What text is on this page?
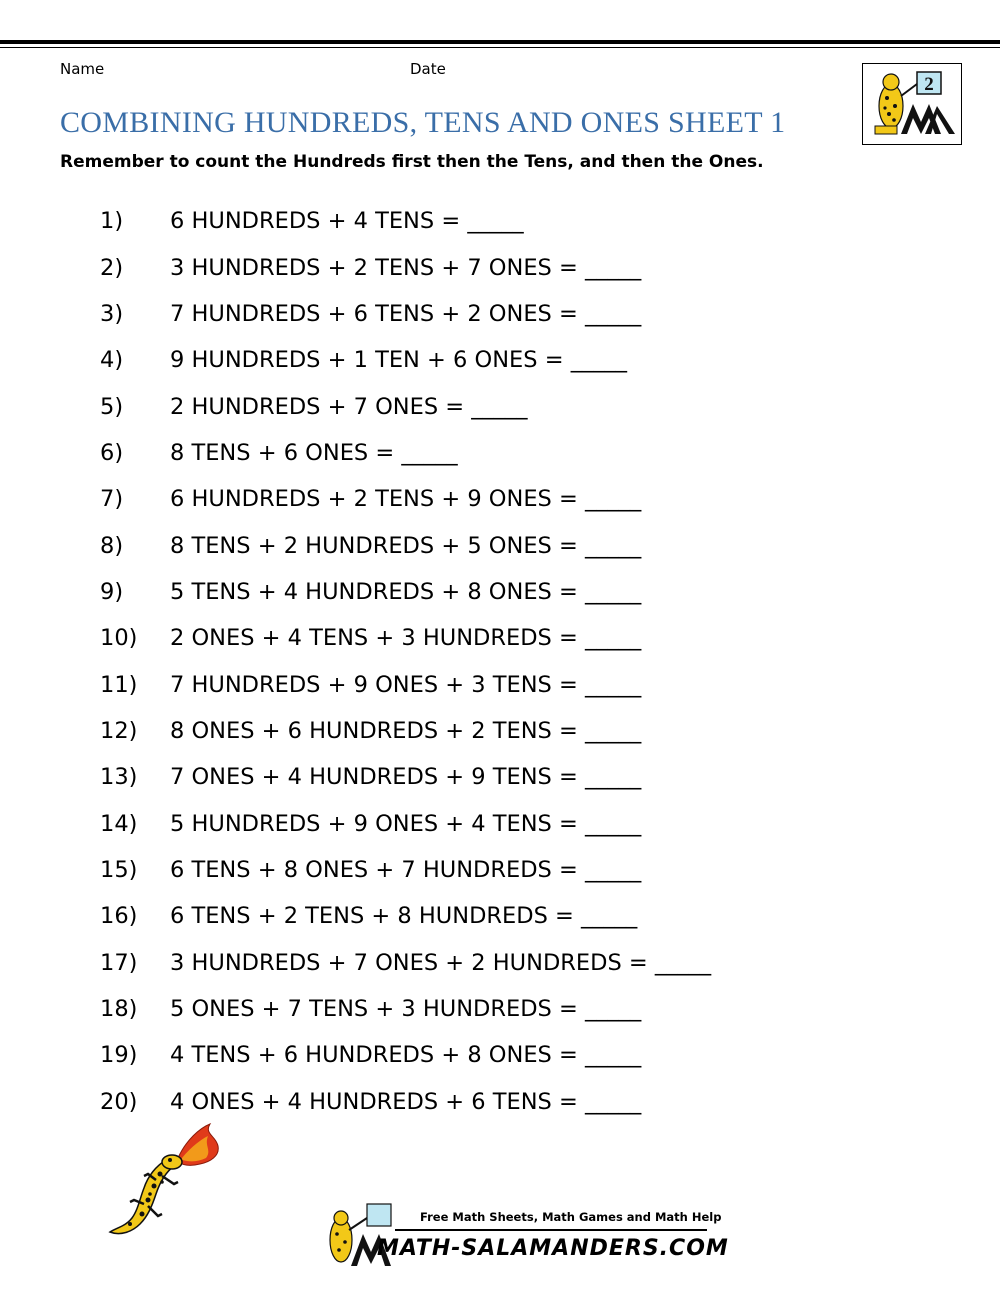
Name	Date
2
COMBINING HUNDREDS, TENS AND ONES SHEET 1
Remember to count the Hundreds first then the Tens, and then the Ones.
1)	6 HUNDREDS + 4 TENS = _____
2)	3 HUNDREDS + 2 TENS + 7 ONES = _____
3)	7 HUNDREDS + 6 TENS + 2 ONES = _____
4)	9 HUNDREDS + 1 TEN + 6 ONES = _____
5)	2 HUNDREDS + 7 ONES = _____
6)	8 TENS + 6 ONES = _____
7)	6 HUNDREDS + 2 TENS + 9 ONES = _____
8)	8 TENS + 2 HUNDREDS + 5 ONES = _____
9)	5 TENS + 4 HUNDREDS + 8 ONES = _____
10)	2 ONES + 4 TENS + 3 HUNDREDS = _____
11)	7 HUNDREDS + 9 ONES + 3 TENS = _____
12)	8 ONES + 6 HUNDREDS + 2 TENS = _____
13)	7 ONES + 4 HUNDREDS + 9 TENS = _____
14)	5 HUNDREDS + 9 ONES + 4 TENS = _____
15)	6 TENS + 8 ONES + 7 HUNDREDS = _____
16)	6 TENS + 2 TENS + 8 HUNDREDS = _____
17)	3 HUNDREDS + 7 ONES + 2 HUNDREDS = _____
18)	5 ONES + 7 TENS + 3 HUNDREDS = _____
19)	4 TENS + 6 HUNDREDS + 8 ONES = _____
20)	4 ONES + 4 HUNDREDS + 6 TENS = _____
Free Math Sheets, Math Games and Math Help
MATH-SALAMANDERS.COM
